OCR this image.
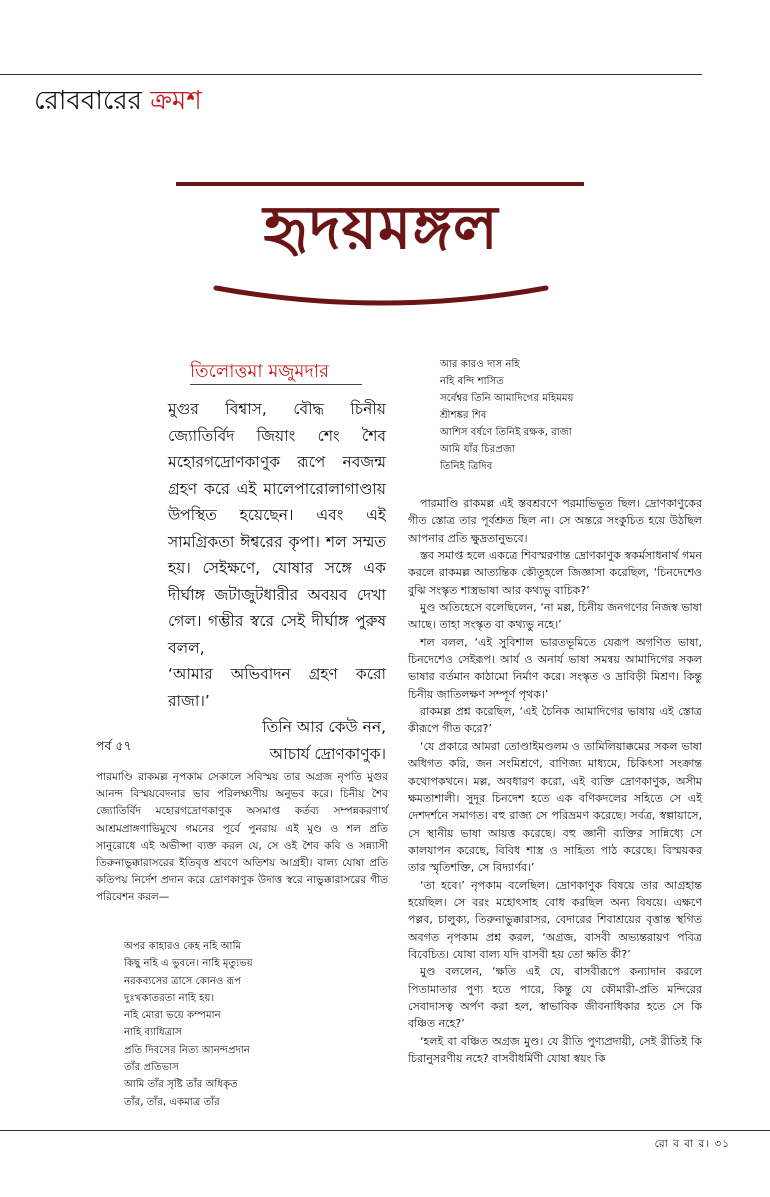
রোববারের ক্রমশ
হৃদয়মঙ্গল
তিলোত্তমা মজুমদার

মুগুর বিশ্বাস, বৌদ্ধ চিনীয় জ্যোতির্বিদ জিয়াং শেং শৈব মহোরগদ্রোণকাণুক রূপে নবজন্ম গ্রহণ করে এই মালেপারোলাগাণ্ডায় উপস্থিত হয়েছেন। এবং এই সামগ্রিকতা ঈশ্বরের কৃপা। শল সম্মত হয়। সেইক্ষণে, যোষার সঙ্গে এক দীর্ঘাঙ্গ জটাজুটধারীর অবয়ব দেখা গেল। গম্ভীর স্বরে সেই দীর্ঘাঙ্গ পুরুষ বলল,

‘আমার অভিবাদন গ্রহণ করো রাজা।’

তিনি আর কেউ নন,

আচার্য দ্রোণকাণুক।

আর কারও দাস নহি
নহি বন্দি শাসিত
সর্বেশ্বর তিনি আমাদিগের মহিমময়
শ্রীশঙ্কর শিব
আশিস বর্ষণে তিনিই রক্ষক, রাজা
আমি যাঁর চিরপ্রজা
তিনিই ত্রিদিব
পর্ব ৫৭

পারমাণ্ডি রাকমল্ল নৃপকাম সেকালে সবিস্ময় তার অগ্রজ নৃপতি মুগুর আনন্দ বিস্ময়বেদনার ভাব পরিলক্ষ্যণীয় অনুভব করে। চিনীয় শৈব জ্যোতির্বিদ মহোরগদ্রোণকাণুক অসমাপ্ত কর্তব্য সম্পন্নকরণার্থ আশ্রমপ্রাঙ্গণাভিমুখে গমনের পূর্বে পুনরায় এই মুণ্ড ও শল প্রতি সানুরোধে এই অভীপ্সা ব্যক্ত করল যে, সে ওই শৈব কবি ও সন্ন্যাসী তিরুনাভুক্কারাসরের ইতিবৃত্ত শ্রবণে অতিশয় আগ্রহী। বাল্য যোষা প্রতি কতিপয় নির্দেশ প্রদান করে দ্রোণকাণুক উদাত্ত স্বরে নাভুক্কারাসরের গীত পরিবেশন করল—

অপর কাহারও কেহ নহি আমি
কিছু নহি এ ভুবনে। নাহি মৃত্যুভয়
নরকব্যসের ত্রাসে কোনও রূপ
দুঃখকাতরতা নাহি হয়।
নহি মোরা ভয়ে কম্পমান
নাহি ব্যাধিত্রাস
প্রতি দিবসের নিত্য আনন্দপ্রদান
তাঁর প্রতিভাস
আমি তাঁর সৃষ্টি তাঁর অধিকৃত
তাঁর, তাঁর, একমাত্র তাঁর

পারমাণ্ডি রাকমল্ল এই স্তবশ্রবণে পরমাভিভূত ছিল। দ্রোণকাণুকের গীত স্তোত্র তার পূর্বশ্রুত ছিল না। সে অন্তরে সংকুচিত হয়ে উঠছিল আপনার প্রতি ক্ষুদ্রতানুভবে।

স্তব সমাপ্ত হলে একত্রে শিবস্মরণান্ত দ্রোণকাণুক স্বকর্মসাধনার্থ গমন করলে রাকমল্ল আত্যন্তিক কৌতূহলে জিজ্ঞাসা করেছিল, ‘চিনদেশেও বুঝি সংস্কৃত শাস্ত্রভাষা আর কথ্যভু বাচিক?’

মুণ্ড অতিহেসে বলেছিলেন, ‘না মল্ল, চিনীয় জনগণের নিজস্ব ভাষা আছে। তাহা সংস্কৃত বা কথ্যভু নহে।’

শল বলল, ‘এই সুবিশাল ভারতভূমিতে যেরূপ অগণিত ভাষা, চিনদেশেও সেইরূপ। আর্য ও অনার্য ভাষা সমন্বয় আমাদিগের সকল ভাষার বর্তমান কাঠামো নির্মাণ করে। সংস্কৃত ও দ্রাবিড়ী মিশ্রণ। কিন্তু চিনীয় জাতিলক্ষণ সম্পূর্ণ পৃথক।’

রাকমল্ল প্রশ্ন করেছিল, ‘এই চৈনিক আমাদিগের ভাষায় এই স্তোত্র কীরূপে গীত করে?’

‘যে প্রকারে আমরা তোণ্ডাইমণ্ডলম ও তামিলিয়াক্কমের সকল ভাষা অধিগত করি, জন সংমিশ্রণে, বাণিজ্য মাধ্যমে, চিকিৎসা সংক্রান্ত কথোপকথনে। মল্ল, অবধারণ করো, এই ব্যক্তি দ্রোণকাণুক, অসীম ক্ষমতাশালী। সুদূর চিনদেশ হতে এক বণিকদলের সহিতে সে এই দেশদর্শনে সমাগত। বহু রাজ্য সে পরিভ্রমণ করেছে। সর্বত্র, স্বল্পায়াসে, সে স্থানীয় ভাষা আয়ত্ত করেছে। বহু জ্ঞানী ব্যক্তির সান্নিধ্যে সে কালযাপন করেছে, বিবিধ শাস্ত্র ও সাহিত্য পাঠ করেছে। বিস্ময়কর তার স্মৃতিশক্তি, সে বিদ্যার্ণব।’

‘তা হবে।’ নৃপকাম বলেছিল। দ্রোণকাণুক বিষয়ে তার আগ্রহান্ত হয়েছিল। সে বরং মহোৎসাহ বোধ করছিল অন্য বিষয়ে। এক্ষণে পল্লব, চালুক্য, তিরুনাভুক্কারাসর, বেদারের শিবাশ্রয়ের বৃত্তান্ত স্থগিত অবগত নৃপকাম প্রশ্ন করল, ‘অগ্রজ, বাসবী অভ্যন্তরায়ণ পবিত্র বিবেচিত। যোষা বাল্য যদি বাসবী হয় তো ক্ষতি কী?’

মুণ্ড বললেন, ‘ক্ষতি এই যে, বাসবীরূপে কন্যাদান করলে পিতামাতার পুণ্য হতে পারে, কিন্তু যে কৌমারী-প্রতি মন্দিরের সেবাদাসত্ব অর্পণ করা হল, স্বাভাবিক জীবনাধিকার হতে সে কি বঞ্চিত নহে?’

‘হলই বা বঞ্চিত অগ্রজ মুণ্ড। যে রীতি পুণ্যপ্রদায়ী, সেই রীতিই কি চিরানুসরণীয় নহে? বাসবীধর্মিণী যোষা স্বয়ং কি

রো ব বা র। ৩১
